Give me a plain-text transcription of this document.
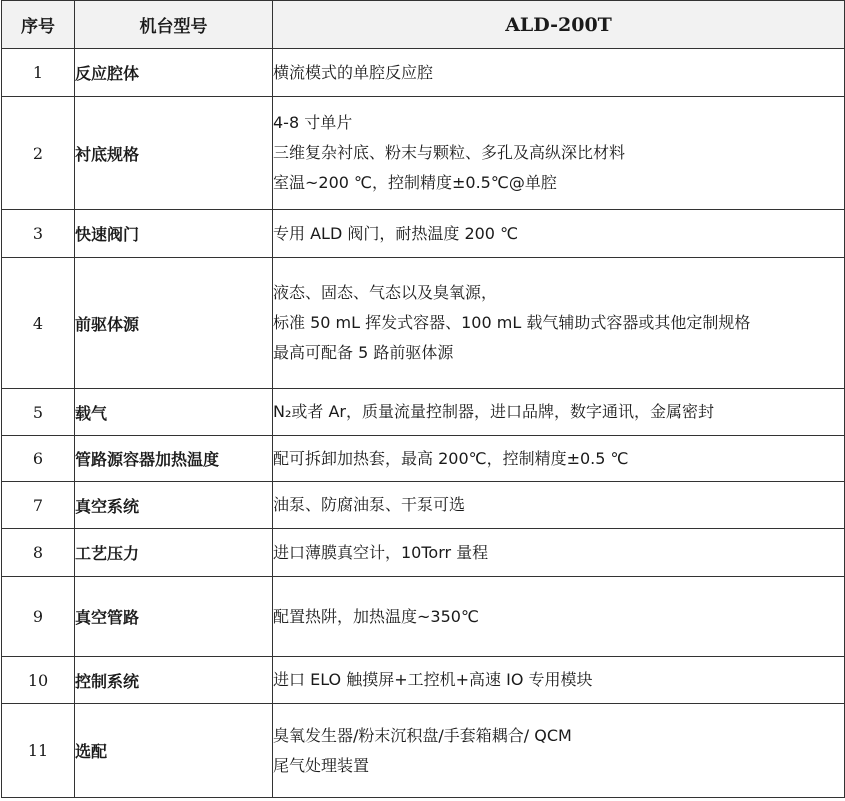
序号	机台型号	ALD-200T
1	反应腔体	横流模式的单腔反应腔

2	衬底规格	4-8 寸单片
三维复杂衬底、粉末与颗粒、多孔及高纵深比材料
室温~200 ℃，控制精度±0.5℃@单腔

3	快速阀门	专用 ALD 阀门，耐热温度 200 ℃

4	前驱体源	液态、固态、气态以及臭氧源，
标准 50 mL 挥发式容器、100 mL 载气辅助式容器或其他定制规格
最高可配备 5 路前驱体源

5	载气	N₂或者 Ar，质量流量控制器，进口品牌，数字通讯，金属密封

6	管路源容器加热温度	配可拆卸加热套，最高 200℃，控制精度±0.5 ℃

7	真空系统	油泵、防腐油泵、干泵可选

8	工艺压力	进口薄膜真空计，10Torr 量程

9	真空管路	配置热阱，加热温度~350℃

10	控制系统	进口 ELO 触摸屏+工控机+高速 IO 专用模块

11	选配	臭氧发生器/粉末沉积盘/手套箱耦合/ QCM
尾气处理装置
